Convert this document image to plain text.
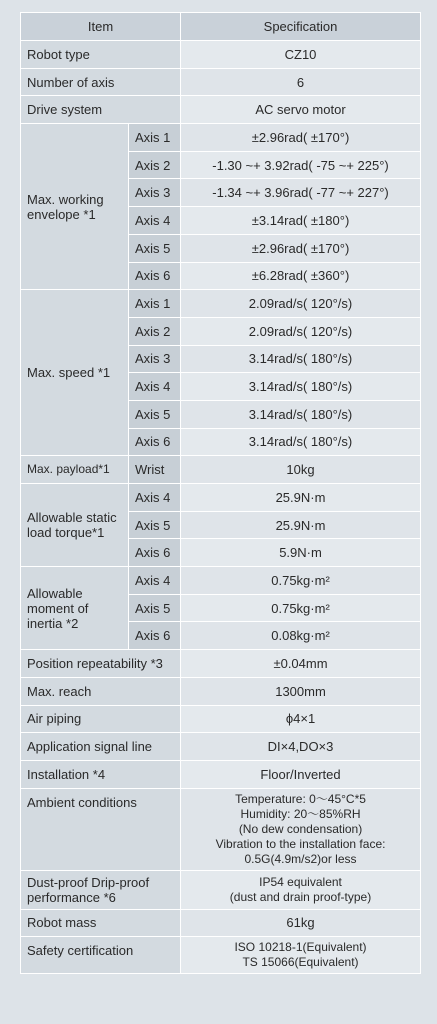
Item		Specification
Robot type		CZ10
Number of axis		6
Drive system		AC servo motor
Max. working envelope *1	Axis 1	±2.96rad( ±170°)
	Axis 2	-1.30 ~+ 3.92rad( -75 ~+ 225°)
	Axis 3	-1.34 ~+ 3.96rad( -77 ~+ 227°)
	Axis 4	±3.14rad( ±180°)
	Axis 5	±2.96rad( ±170°)
	Axis 6	±6.28rad( ±360°)
Max. speed *1	Axis 1	2.09rad/s( 120°/s)
	Axis 2	2.09rad/s( 120°/s)
	Axis 3	3.14rad/s( 180°/s)
	Axis 4	3.14rad/s( 180°/s)
	Axis 5	3.14rad/s( 180°/s)
	Axis 6	3.14rad/s( 180°/s)
Max. payload*1	Wrist	10kg
Allowable static load torque*1	Axis 4	25.9N·m
	Axis 5	25.9N·m
	Axis 6	5.9N·m
Allowable moment of inertia *2	Axis 4	0.75kg·m²
	Axis 5	0.75kg·m²
	Axis 6	0.08kg·m²
Position repeatability *3		±0.04mm
Max. reach		1300mm
Air piping		ϕ4×1
Application signal line		DI×4,DO×3
Installation *4		Floor/Inverted
Ambient conditions		Temperature: 0～45°C*5
Humidity: 20～85%RH
(No dew condensation)
Vibration to the installation face:
0.5G(4.9m/s2)or less

Dust-proof Drip-proof performance *6		IP54 equivalent
(dust and drain proof-type)

Robot mass		61kg
Safety certification		ISO 10218-1(Equivalent)
TS 15066(Equivalent)
